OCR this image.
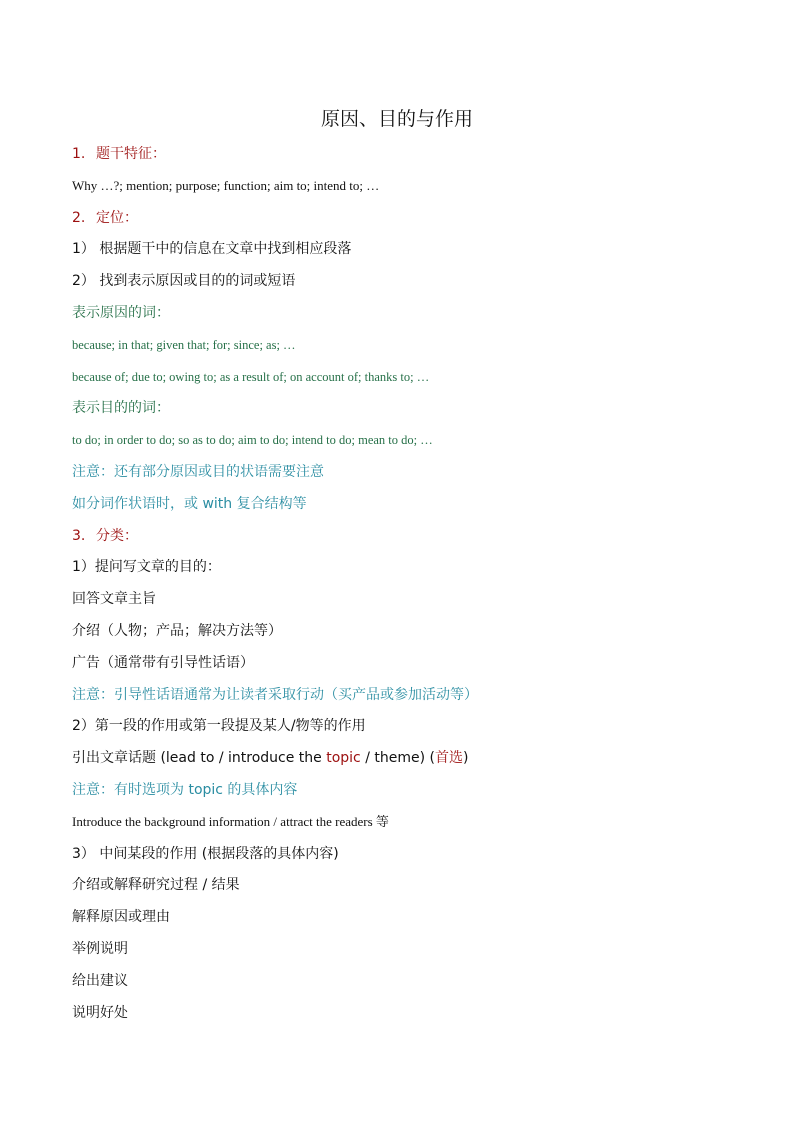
原因、目的与作用
1. 题干特征：
Why …?; mention; purpose; function; aim to; intend to; …
2. 定位：
1） 根据题干中的信息在文章中找到相应段落
2） 找到表示原因或目的的词或短语
表示原因的词：
because; in that; given that; for; since; as; …
because of; due to; owing to; as a result of; on account of; thanks to; …
表示目的的词：
to do; in order to do; so as to do; aim to do; intend to do; mean to do; …
注意：还有部分原因或目的状语需要注意
如分词作状语时，或 with 复合结构等
3. 分类：
1）提问写文章的目的：
回答文章主旨
介绍（人物；产品；解决方法等）
广告（通常带有引导性话语）
注意：引导性话语通常为让读者采取行动（买产品或参加活动等）
2）第一段的作用或第一段提及某人/物等的作用
引出文章话题 (lead to / introduce the topic / theme) (首选)
注意：有时选项为 topic 的具体内容
Introduce the background information / attract the readers 等
3） 中间某段的作用 (根据段落的具体内容)
介绍或解释研究过程 / 结果
解释原因或理由
举例说明
给出建议
说明好处
